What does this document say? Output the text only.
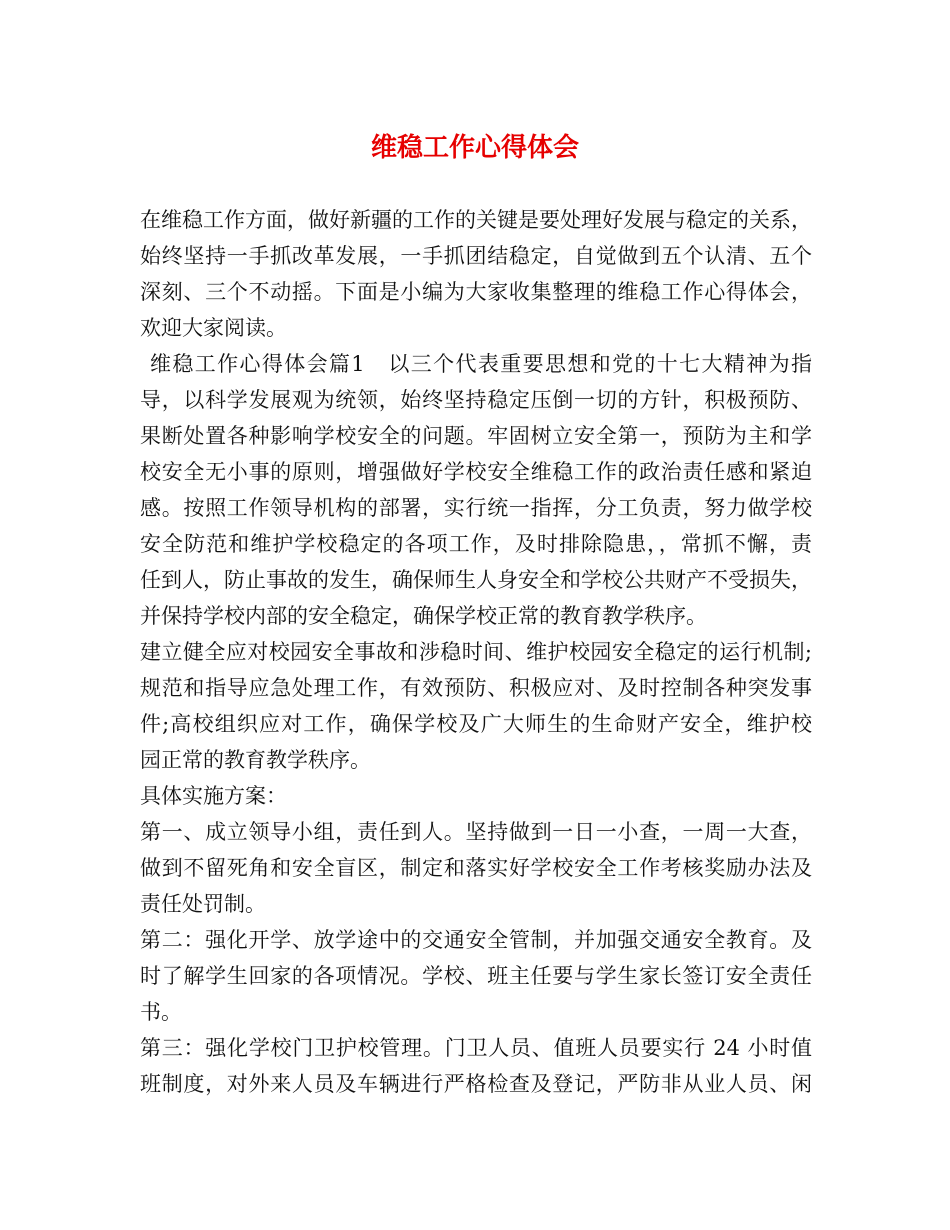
维稳工作心得体会
在维稳工作方面，做好新疆的工作的关键是要处理好发展与稳定的关系，
始终坚持一手抓改革发展，一手抓团结稳定，自觉做到五个认清、五个
深刻、三个不动摇。下面是小编为大家收集整理的维稳工作心得体会，
欢迎大家阅读。
维稳工作心得体会篇1　以三个代表重要思想和党的十七大精神为指
导，以科学发展观为统领，始终坚持稳定压倒一切的方针，积极预防、
果断处置各种影响学校安全的问题。牢固树立安全第一，预防为主和学
校安全无小事的原则，增强做好学校安全维稳工作的政治责任感和紧迫
感。按照工作领导机构的部署，实行统一指挥，分工负责，努力做学校
安全防范和维护学校稳定的各项工作，及时排除隐患，，常抓不懈，责
任到人，防止事故的发生，确保师生人身安全和学校公共财产不受损失，
并保持学校内部的安全稳定，确保学校正常的教育教学秩序。
建立健全应对校园安全事故和涉稳时间、维护校园安全稳定的运行机制;
规范和指导应急处理工作，有效预防、积极应对、及时控制各种突发事
件;高校组织应对工作，确保学校及广大师生的生命财产安全，维护校
园正常的教育教学秩序。
具体实施方案：
第一、成立领导小组，责任到人。坚持做到一日一小查，一周一大查，
做到不留死角和安全盲区，制定和落实好学校安全工作考核奖励办法及
责任处罚制。
第二：强化开学、放学途中的交通安全管制，并加强交通安全教育。及
时了解学生回家的各项情况。学校、班主任要与学生家长签订安全责任
书。
第三：强化学校门卫护校管理。门卫人员、值班人员要实行 24 小时值
班制度，对外来人员及车辆进行严格检查及登记，严防非从业人员、闲
